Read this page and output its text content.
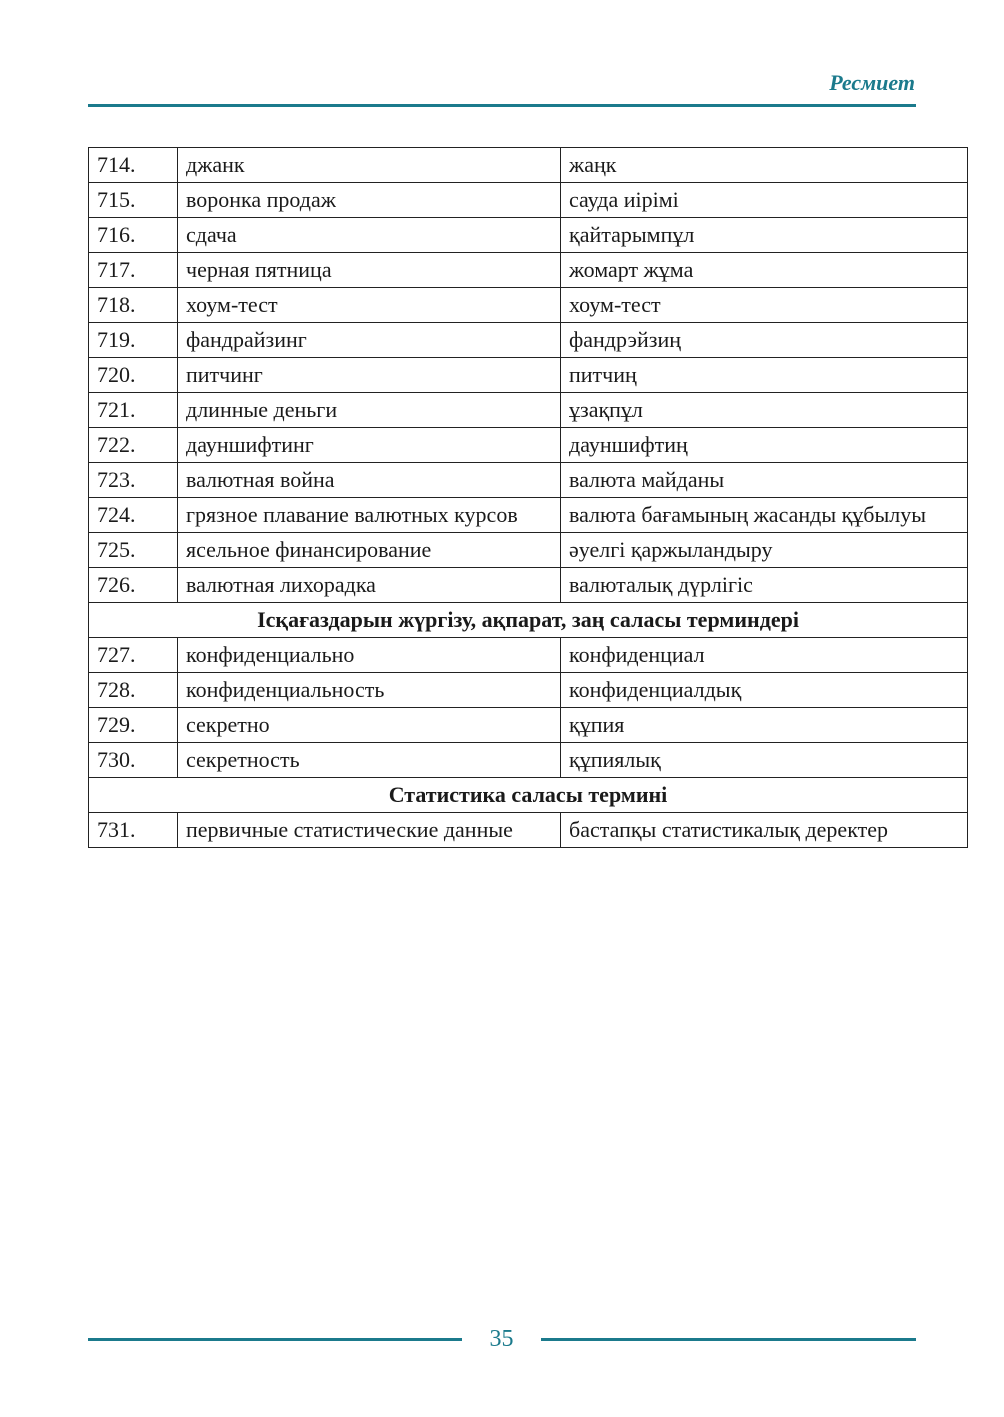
Ресмиет
714.	джанк	жаңк
715.	воронка продаж	сауда иірімі
716.	сдача	қайтарымпұл
717.	черная пятница	жомарт жұма
718.	хоум-тест	хоум-тест
719.	фандрайзинг	фандрэйзиң
720.	питчинг	питчиң
721.	длинные деньги	ұзақпұл
722.	дауншифтинг	дауншифтиң
723.	валютная война	валюта майданы
724.	грязное плавание валютных курсов	валюта бағамының жасанды құбылуы
725.	ясельное финансирование	әуелгі қаржыландыру
726.	валютная лихорадка	валюталық дүрлігіс
Ісқағаздарын жүргізу, ақпарат, заң саласы терминдері		
727.	конфиденциально	конфиденциал
728.	конфиденциальность	конфиденциалдық
729.	секретно	құпия
730.	секретность	құпиялық
Статистика саласы термині		
731.	первичные статистические данные	бастапқы статистикалық деректер
35
